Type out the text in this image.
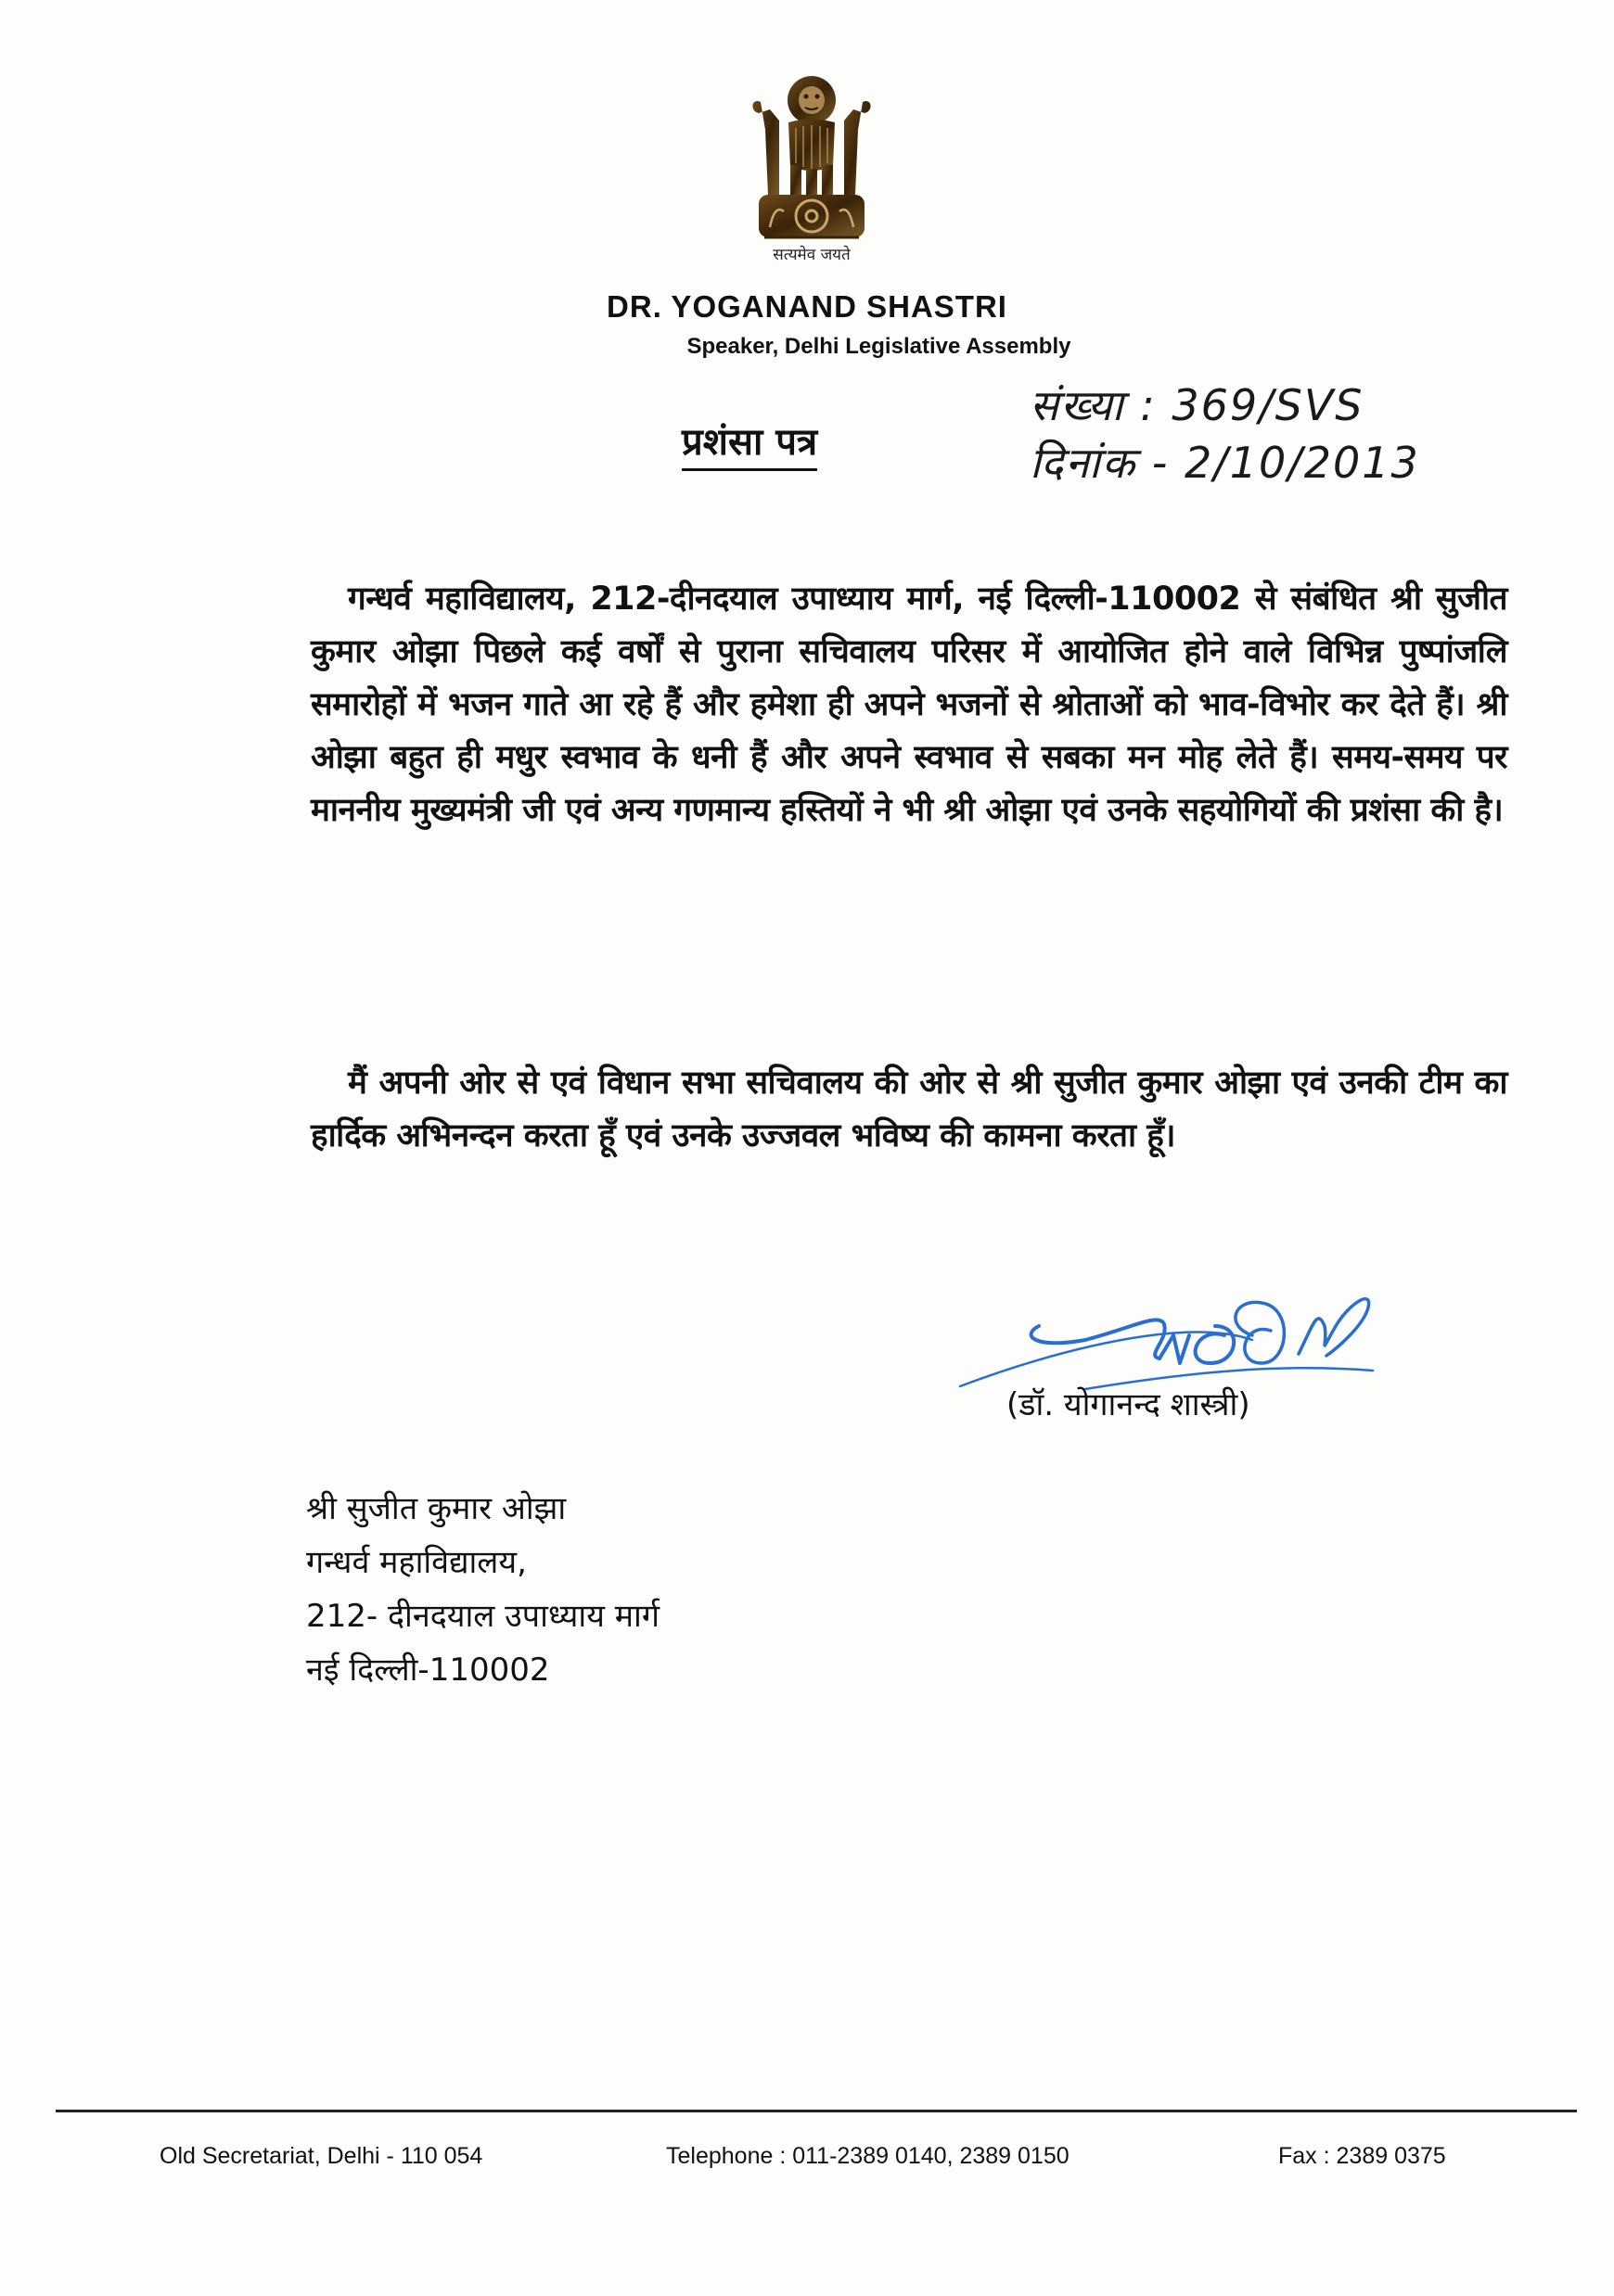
सत्यमेव जयते
DR. YOGANAND SHASTRI
Speaker, Delhi Legislative Assembly
संख्या : 369/SVS
दिनांक - 2/10/2013
प्रशंसा पत्र
गन्धर्व महाविद्यालय, 212-दीनदयाल उपाध्याय मार्ग, नई दिल्ली-110002 से संबंधित श्री सुजीत कुमार ओझा पिछले कई वर्षों से पुराना सचिवालय परिसर में आयोजित होने वाले विभिन्न पुष्पांजलि समारोहों में भजन गाते आ रहे हैं और हमेशा ही अपने भजनों से श्रोताओं को भाव-विभोर कर देते हैं। श्री ओझा बहुत ही मधुर स्वभाव के धनी हैं और अपने स्वभाव से सबका मन मोह लेते हैं। समय-समय पर माननीय मुख्यमंत्री जी एवं अन्य गणमान्य हस्तियों ने भी श्री ओझा एवं उनके सहयोगियों की प्रशंसा की है।
मैं अपनी ओर से एवं विधान सभा सचिवालय की ओर से श्री सुजीत कुमार ओझा एवं उनकी टीम का हार्दिक अभिनन्दन करता हूँ एवं उनके उज्जवल भविष्य की कामना करता हूँ।
(डॉ. योगानन्द शास्त्री)
श्री सुजीत कुमार ओझा
गन्धर्व महाविद्यालय,
212- दीनदयाल उपाध्याय मार्ग
नई दिल्ली-110002
Old Secretariat, Delhi - 110 054	Telephone : 011-2389 0140, 2389 0150	Fax : 2389 0375
